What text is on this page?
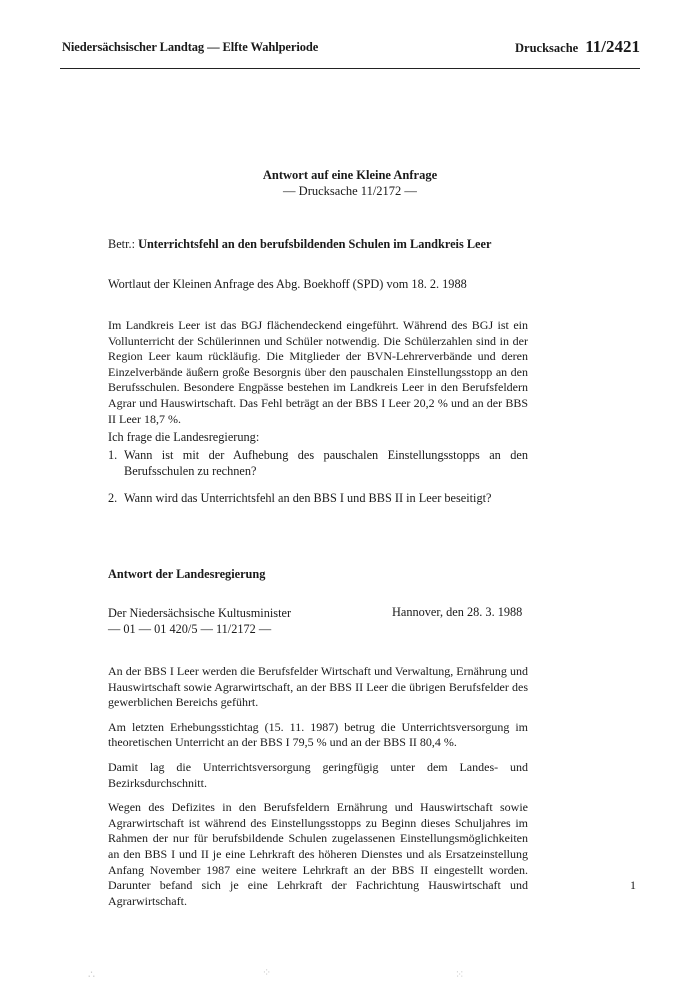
Niedersächsischer Landtag — Elfte Wahlperiode	Drucksache 11/2421
Antwort auf eine Kleine Anfrage
— Drucksache 11/2172 —
Betr.: Unterrichtsfehl an den berufsbildenden Schulen im Landkreis Leer
Wortlaut der Kleinen Anfrage des Abg. Boekhoff (SPD) vom 18. 2. 1988

Im Landkreis Leer ist das BGJ flächendeckend eingeführt. Während des BGJ ist ein Vollunterricht der Schülerinnen und Schüler notwendig. Die Schülerzahlen sind in der Region Leer kaum rückläufig. Die Mitglieder der BVN-Lehrerverbände und deren Einzelverbände äußern große Besorgnis über den pauschalen Einstellungsstopp an den Berufsschulen. Besondere Engpässe bestehen im Landkreis Leer in den Berufsfeldern Agrar und Hauswirtschaft. Das Fehl beträgt an der BBS I Leer 20,2 % und an der BBS II Leer 18,7 %.

Ich frage die Landesregierung:
1. Wann ist mit der Aufhebung des pauschalen Einstellungsstopps an den Berufsschulen zu rechnen?
2. Wann wird das Unterrichtsfehl an den BBS I und BBS II in Leer beseitigt?
Antwort der Landesregierung
Der Niedersächsische Kultusminister
— 01 — 01 420/5 — 11/2172 —
Hannover, den 28. 3. 1988

An der BBS I Leer werden die Berufsfelder Wirtschaft und Verwaltung, Ernährung und Hauswirtschaft sowie Agrarwirtschaft, an der BBS II Leer die übrigen Berufsfelder des gewerblichen Bereichs geführt.

Am letzten Erhebungsstichtag (15. 11. 1987) betrug die Unterrichtsversorgung im theoretischen Unterricht an der BBS I 79,5 % und an der BBS II 80,4 %.

Damit lag die Unterrichtsversorgung geringfügig unter dem Landes- und Bezirksdurchschnitt.

Wegen des Defizites in den Berufsfeldern Ernährung und Hauswirtschaft sowie Agrarwirtschaft ist während des Einstellungsstopps zu Beginn dieses Schuljahres im Rahmen der nur für berufsbildende Schulen zugelassenen Einstellungsmöglichkeiten an den BBS I und II je eine Lehrkraft des höheren Dienstes und als Ersatzeinstellung Anfang November 1987 eine weitere Lehrkraft an der BBS II eingestellt worden. Darunter befand sich je eine Lehrkraft der Fachrichtung Hauswirtschaft und Agrarwirtschaft.

1
∴	⁘	⁙
